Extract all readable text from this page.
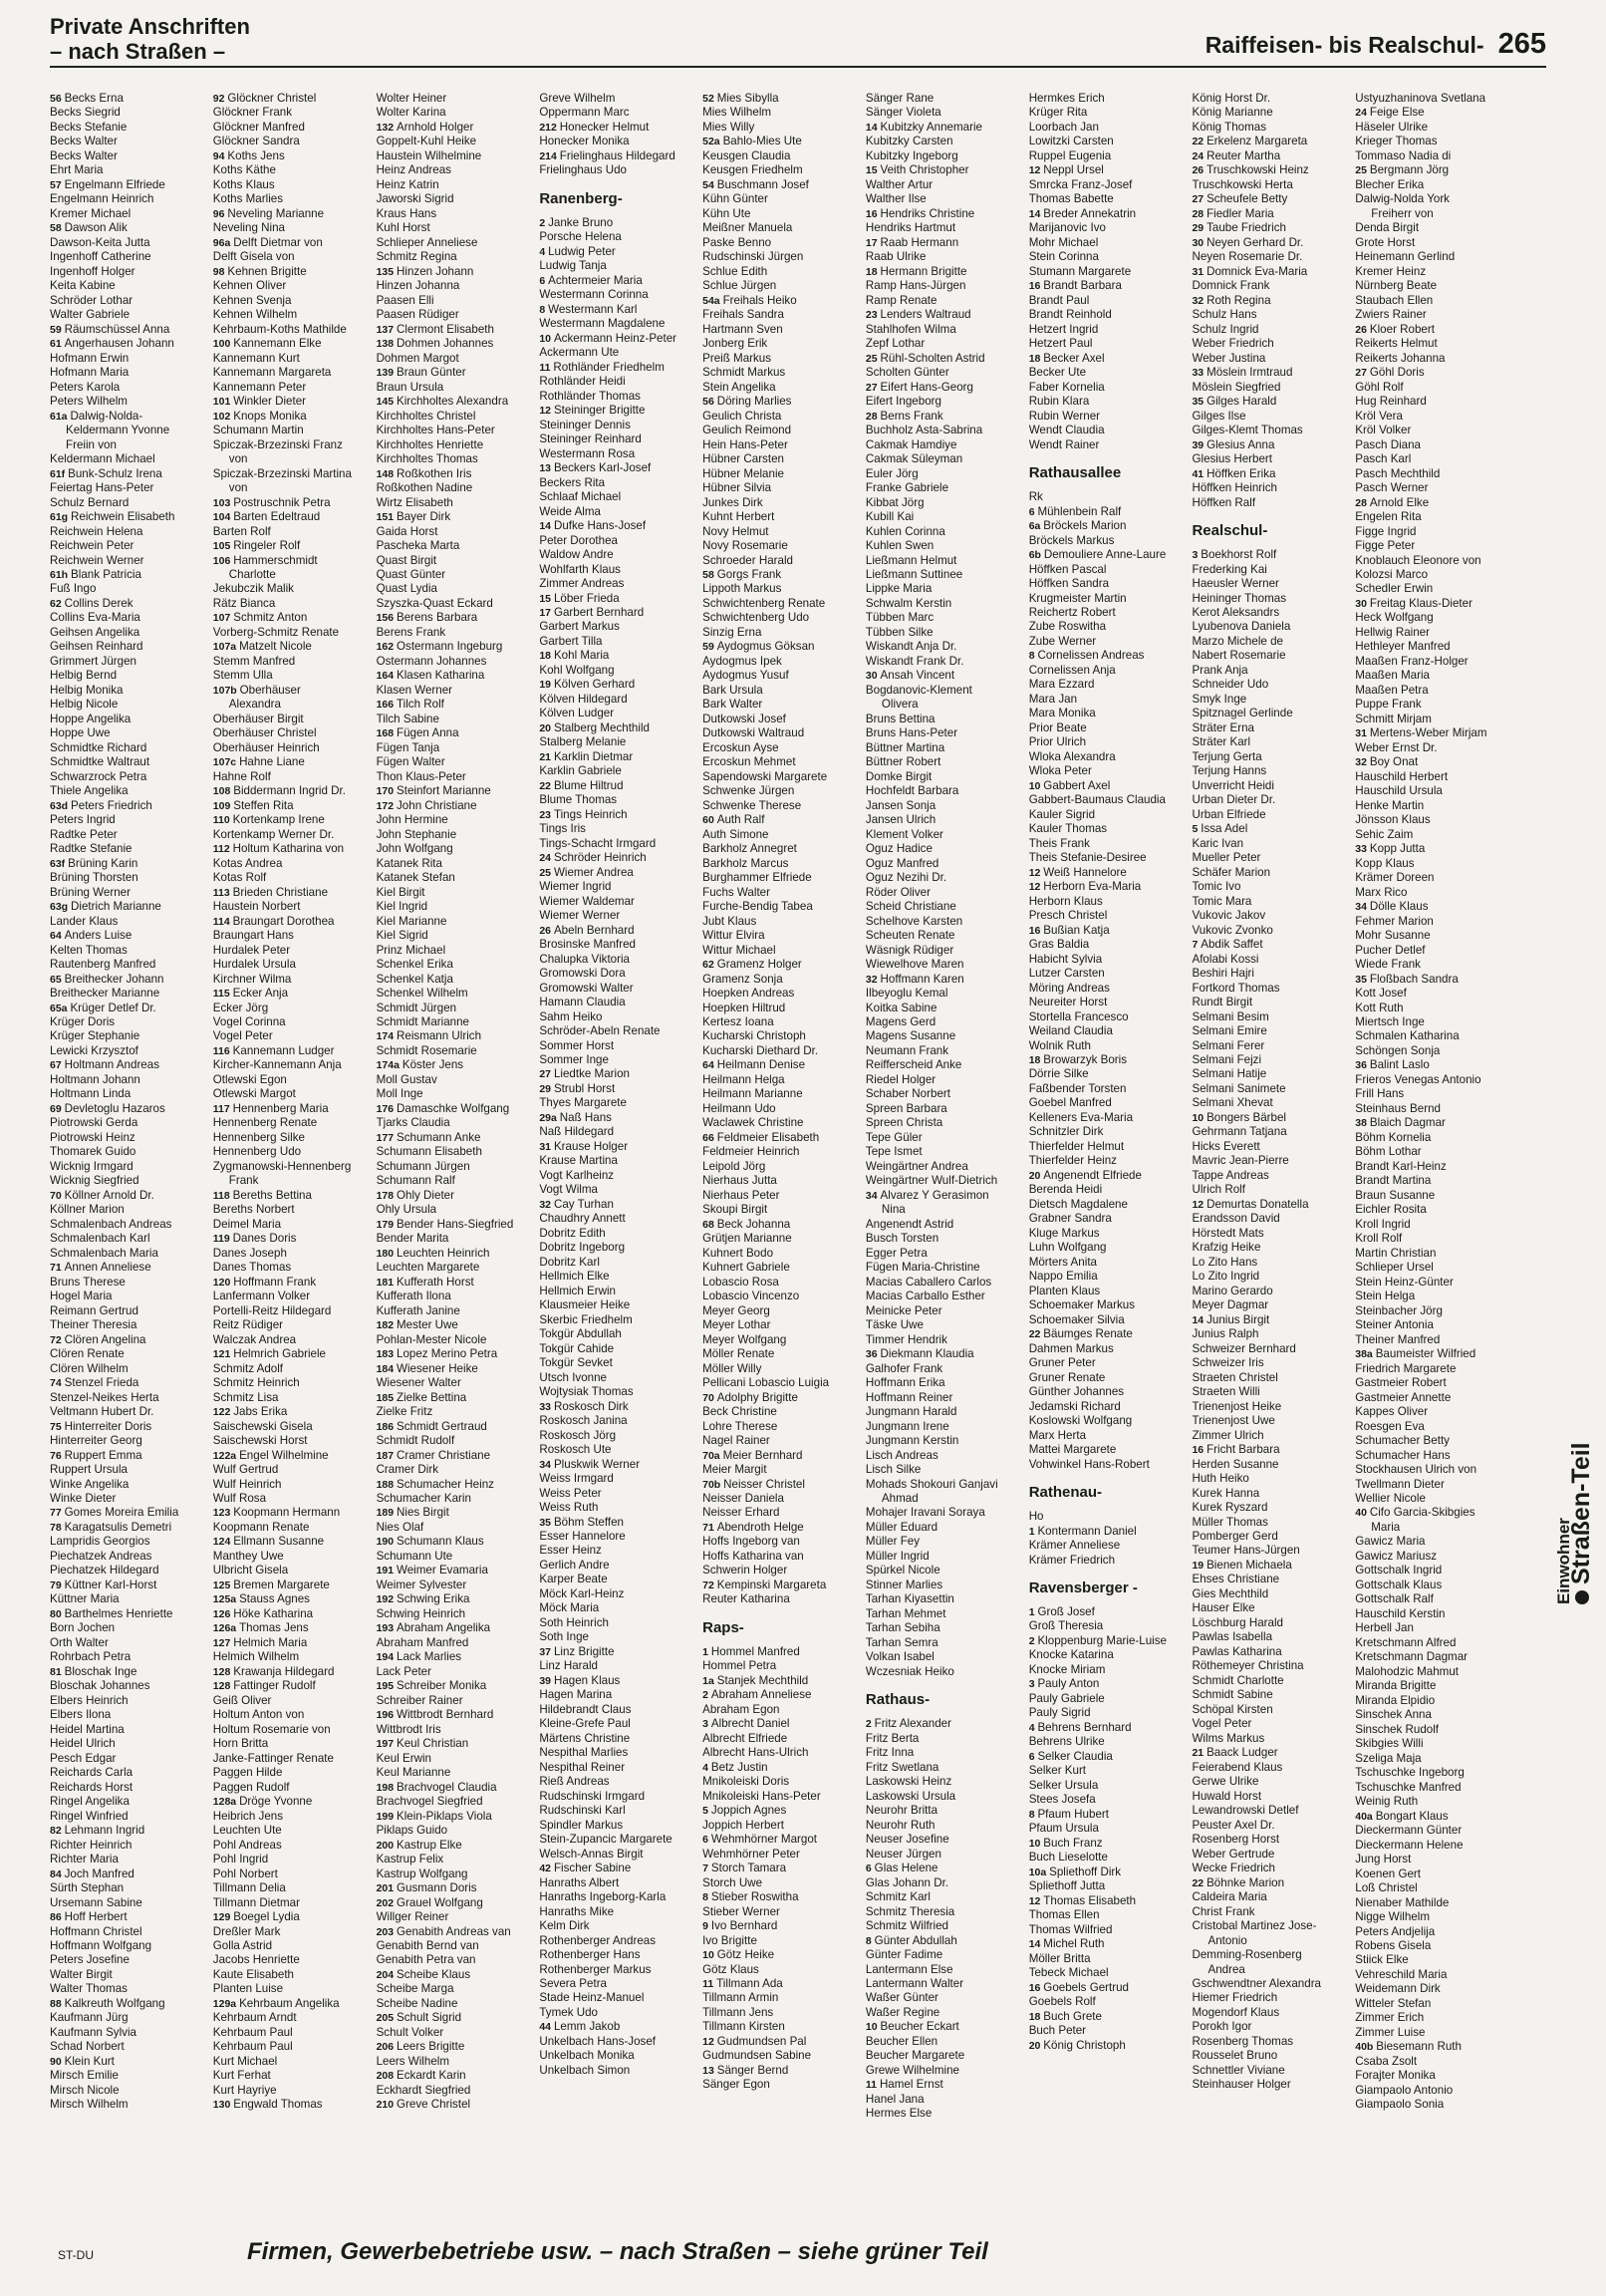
Private Anschriften
– nach Straßen –	Raiffeisen- bis Realschul- 265
56 Becks Erna
Becks Siegrid
Becks Stefanie
Becks Walter
Becks Walter
Ehrt Maria
57 Engelmann Elfriede
Engelmann Heinrich
Kremer Michael
58 Dawson Alik
Dawson-Keita Jutta
Ingenhoff Catherine
Ingenhoff Holger
Keita Kabine
Schröder Lothar
Walter Gabriele
59 Räumschüssel Anna
61 Angerhausen Johann
Hofmann Erwin
Hofmann Maria
Peters Karola
Peters Wilhelm
61a Dalwig-Nolda-
Keldermann Yvonne
Freiin von
Keldermann Michael
61f Bunk-Schulz Irena
Feiertag Hans-Peter
Schulz Bernard
61g Reichwein Elisabeth
Reichwein Helena
Reichwein Peter
Reichwein Werner
61h Blank Patricia
Fuß Ingo
62 Collins Derek
Collins Eva-Maria
Geihsen Angelika
Geihsen Reinhard
Grimmert Jürgen
Helbig Bernd
Helbig Monika
Helbig Nicole
Hoppe Angelika
Hoppe Uwe
Schmidtke Richard
Schmidtke Waltraut
Schwarzrock Petra
Thiele Angelika
63d Peters Friedrich
Peters Ingrid
Radtke Peter
Radtke Stefanie
63f Brüning Karin
Brüning Thorsten
Brüning Werner
63g Dietrich Marianne
Lander Klaus
64 Anders Luise
Kelten Thomas
Rautenberg Manfred
65 Breithecker Johann
Breithecker Marianne
65a Krüger Detlef Dr.
Krüger Doris
Krüger Stephanie
Lewicki Krzysztof
67 Holtmann Andreas
Holtmann Johann
Holtmann Linda
69 Devletoglu Hazaros
Piotrowski Gerda
Piotrowski Heinz
Thomarek Guido
Wicknig Irmgard
Wicknig Siegfried
70 Köllner Arnold Dr.
Köllner Marion
Schmalenbach Andreas
Schmalenbach Karl
Schmalenbach Maria
71 Annen Anneliese
Bruns Therese
Hogel Maria
Reimann Gertrud
Theiner Theresia
72 Clören Angelina
Clören Renate
Clören Wilhelm
74 Stenzel Frieda
Stenzel-Neikes Herta
Veltmann Hubert Dr.
75 Hinterreiter Doris
Hinterreiter Georg
76 Ruppert Emma
Ruppert Ursula
Winke Angelika
Winke Dieter
77 Gomes Moreira Emilia
78 Karagatsulis Demetri
Lampridis Georgios
Piechatzek Andreas
Piechatzek Hildegard
79 Küttner Karl-Horst
Küttner Maria
80 Barthelmes Henriette
Born Jochen
Orth Walter
Rohrbach Petra
81 Bloschak Inge
Bloschak Johannes
Elbers Heinrich
Elbers Ilona
Heidel Martina
Heidel Ulrich
Pesch Edgar
Reichards Carla
Reichards Horst
Ringel Angelika
Ringel Winfried
82 Lehmann Ingrid
Richter Heinrich
Richter Maria
84 Joch Manfred
Sürth Stephan
Ursemann Sabine
86 Hoff Herbert
Hoffmann Christel
Hoffmann Wolfgang
Peters Josefine
Walter Birgit
Walter Thomas
88 Kalkreuth Wolfgang
Kaufmann Jürg
Kaufmann Sylvia
Schad Norbert
90 Klein Kurt
Mirsch Emilie
Mirsch Nicole
Mirsch Wilhelm
92 Glöckner Christel
Glöckner Frank
Glöckner Manfred
Glöckner Sandra
94 Koths Jens
Koths Käthe
Koths Klaus
Koths Marlies
96 Neveling Marianne
Neveling Nina
96a Delft Dietmar von
Delft Gisela von
98 Kehnen Brigitte
Kehnen Oliver
Kehnen Svenja
Kehnen Wilhelm
Kehrbaum-Koths Mathilde
100 Kannemann Elke
Kannemann Kurt
Kannemann Margareta
Kannemann Peter
101 Winkler Dieter
102 Knops Monika
Schumann Martin
Spiczak-Brzezinski Franz
von
Spiczak-Brzezinski Martina
von
103 Postruschnik Petra
104 Barten Edeltraud
Barten Rolf
105 Ringeler Rolf
106 Hammerschmidt
Charlotte
Jekubczik Malik
Rätz Bianca
107 Schmitz Anton
Vorberg-Schmitz Renate
107a Matzelt Nicole
Stemm Manfred
Stemm Ulla
107b Oberhäuser
Alexandra
Oberhäuser Birgit
Oberhäuser Christel
Oberhäuser Heinrich
107c Hahne Liane
Hahne Rolf
108 Biddermann Ingrid Dr.
109 Steffen Rita
110 Kortenkamp Irene
Kortenkamp Werner Dr.
112 Holtum Katharina von
Kotas Andrea
Kotas Rolf
113 Brieden Christiane
Haustein Norbert
114 Braungart Dorothea
Braungart Hans
Hurdalek Peter
Hurdalek Ursula
Kirchner Wilma
115 Ecker Anja
Ecker Jörg
Vogel Corinna
Vogel Peter
116 Kannemann Ludger
Kircher-Kannemann Anja
Otlewski Egon
Otlewski Margot
117 Hennenberg Maria
Hennenberg Renate
Hennenberg Silke
Hennenberg Udo
Zygmanowski-Hennenberg
Frank
118 Bereths Bettina
Bereths Norbert
Deimel Maria
119 Danes Doris
Danes Joseph
Danes Thomas
120 Hoffmann Frank
Lanfermann Volker
Portelli-Reitz Hildegard
Reitz Rüdiger
Walczak Andrea
121 Helmrich Gabriele
Schmitz Adolf
Schmitz Heinrich
Schmitz Lisa
122 Jabs Erika
Saischewski Gisela
Saischewski Horst
122a Engel Wilhelmine
Wulf Gertrud
Wulf Heinrich
Wulf Rosa
123 Koopmann Hermann
Koopmann Renate
124 Ellmann Susanne
Manthey Uwe
Ulbricht Gisela
125 Bremen Margarete
125a Stauss Agnes
126 Höke Katharina
126a Thomas Jens
127 Helmich Maria
Helmich Wilhelm
128 Krawanja Hildegard
128 Fattinger Rudolf
Geiß Oliver
Holtum Anton von
Holtum Rosemarie von
Horn Britta
Janke-Fattinger Renate
Paggen Hilde
Paggen Rudolf
128a Dröge Yvonne
Heibrich Jens
Leuchten Ute
Pohl Andreas
Pohl Ingrid
Pohl Norbert
Tillmann Delia
Tillmann Dietmar
129 Boegel Lydia
Dreßler Mark
Golla Astrid
Jacobs Henriette
Kaute Elisabeth
Planten Luise
129a Kehrbaum Angelika
Kehrbaum Arndt
Kehrbaum Paul
Kehrbaum Paul
Kurt Michael
Kurt Ferhat
Kurt Hayriye
130 Engwald Thomas
Wolter Heiner
Wolter Karina
132 Arnhold Holger
Goppelt-Kuhl Heike
Haustein Wilhelmine
Heinz Andreas
Heinz Katrin
Jaworski Sigrid
Kraus Hans
Kuhl Horst
Schlieper Anneliese
Schmitz Regina
135 Hinzen Johann
Hinzen Johanna
Paasen Elli
Paasen Rüdiger
137 Clermont Elisabeth
138 Dohmen Johannes
Dohmen Margot
139 Braun Günter
Braun Ursula
145 Kirchholtes Alexandra
Kirchholtes Christel
Kirchholtes Hans-Peter
Kirchholtes Henriette
Kirchholtes Thomas
148 Roßkothen Iris
Roßkothen Nadine
Wirtz Elisabeth
151 Bayer Dirk
Gaida Horst
Pascheka Marta
Quast Birgit
Quast Günter
Quast Lydia
Szyszka-Quast Eckard
156 Berens Barbara
Berens Frank
162 Ostermann Ingeburg
Ostermann Johannes
164 Klasen Katharina
Klasen Werner
166 Tilch Rolf
Tilch Sabine
168 Fügen Anna
Fügen Tanja
Fügen Walter
Thon Klaus-Peter
170 Steinfort Marianne
172 John Christiane
John Hermine
John Stephanie
John Wolfgang
Katanek Rita
Katanek Stefan
Kiel Birgit
Kiel Ingrid
Kiel Marianne
Kiel Sigrid
Prinz Michael
Schenkel Erika
Schenkel Katja
Schenkel Wilhelm
Schmidt Jürgen
Schmidt Marianne
174 Reismann Ulrich
Schmidt Rosemarie
174a Köster Jens
Moll Gustav
Moll Inge
176 Damaschke Wolfgang
Tjarks Claudia
177 Schumann Anke
Schumann Elisabeth
Schumann Jürgen
Schumann Ralf
178 Ohly Dieter
Ohly Ursula
179 Bender Hans-Siegfried
Bender Marita
180 Leuchten Heinrich
Leuchten Margarete
181 Kufferath Horst
Kufferath Ilona
Kufferath Janine
182 Mester Uwe
Pohlan-Mester Nicole
183 Lopez Merino Petra
184 Wiesener Heike
Wiesener Walter
185 Zielke Bettina
Zielke Fritz
186 Schmidt Gertraud
Schmidt Rudolf
187 Cramer Christiane
Cramer Dirk
188 Schumacher Heinz
Schumacher Karin
189 Nies Birgit
Nies Olaf
190 Schumann Klaus
Schumann Ute
191 Weimer Evamaria
Weimer Sylvester
192 Schwing Erika
Schwing Heinrich
193 Abraham Angelika
Abraham Manfred
194 Lack Marlies
Lack Peter
195 Schreiber Monika
Schreiber Rainer
196 Wittbrodt Bernhard
Wittbrodt Iris
197 Keul Christian
Keul Erwin
Keul Marianne
198 Brachvogel Claudia
Brachvogel Siegfried
199 Klein-Piklaps Viola
Piklaps Guido
200 Kastrup Elke
Kastrup Felix
Kastrup Wolfgang
201 Gusmann Doris
202 Grauel Wolfgang
Willger Reiner
203 Genabith Andreas van
Genabith Bernd van
Genabith Petra van
204 Scheibe Klaus
Scheibe Marga
Scheibe Nadine
205 Schult Sigrid
Schult Volker
206 Leers Brigitte
Leers Wilhelm
208 Eckardt Karin
Eckhardt Siegfried
210 Greve Christel
Greve Wilhelm
Oppermann Marc
212 Honecker Helmut
Honecker Monika
214 Frielinghaus Hildegard
Frielinghaus Udo
Ranenberg-
2 Janke Bruno
Porsche Helena
4 Ludwig Peter
Ludwig Tanja
6 Achtermeier Maria
Westermann Corinna
8 Westermann Karl
Westermann Magdalene
10 Ackermann Heinz-Peter
Ackermann Ute
11 Rothländer Friedhelm
Rothländer Heidi
Rothländer Thomas
12 Steininger Brigitte
Steininger Dennis
Steininger Reinhard
Westermann Rosa
13 Beckers Karl-Josef
Beckers Rita
Schlaaf Michael
Weide Alma
14 Dufke Hans-Josef
Peter Dorothea
Waldow Andre
Wohlfarth Klaus
Zimmer Andreas
15 Löber Frieda
17 Garbert Bernhard
Garbert Markus
Garbert Tilla
18 Kohl Maria
Kohl Wolfgang
19 Kölven Gerhard
Kölven Hildegard
Kölven Ludger
20 Stalberg Mechthild
Stalberg Melanie
21 Karklin Dietmar
Karklin Gabriele
22 Blume Hiltrud
Blume Thomas
23 Tings Heinrich
Tings Iris
Tings-Schacht Irmgard
24 Schröder Heinrich
25 Wiemer Andrea
Wiemer Ingrid
Wiemer Waldemar
Wiemer Werner
26 Abeln Bernhard
Brosinske Manfred
Chalupka Viktoria
Gromowski Dora
Gromowski Walter
Hamann Claudia
Sahm Heiko
Schröder-Abeln Renate
Sommer Horst
Sommer Inge
27 Liedtke Marion
29 Strubl Horst
Thyes Margarete
29a Naß Hans
Naß Hildegard
31 Krause Holger
Krause Martina
Vogt Karlheinz
Vogt Wilma
32 Cay Turhan
Chaudhry Annett
Dobritz Edith
Dobritz Ingeborg
Dobritz Karl
Hellmich Elke
Hellmich Erwin
Klausmeier Heike
Skerbic Friedhelm
Tokgür Abdullah
Tokgür Cahide
Tokgür Sevket
Utsch Ivonne
Wojtysiak Thomas
33 Roskosch Dirk
Roskosch Janina
Roskosch Jörg
Roskosch Ute
34 Pluskwik Werner
Weiss Irmgard
Weiss Peter
Weiss Ruth
35 Böhm Steffen
Esser Hannelore
Esser Heinz
Gerlich Andre
Karper Beate
Möck Karl-Heinz
Möck Maria
Soth Heinrich
Soth Inge
37 Linz Brigitte
Linz Harald
39 Hagen Klaus
Hagen Marina
Hildebrandt Claus
Kleine-Grefe Paul
Märtens Christine
Nespithal Marlies
Nespithal Reiner
Rieß Andreas
Rudschinski Irmgard
Rudschinski Karl
Spindler Markus
Stein-Zupancic Margarete
Welsch-Annas Birgit
42 Fischer Sabine
Hanraths Albert
Hanraths Ingeborg-Karla
Hanraths Mike
Kelm Dirk
Rothenberger Andreas
Rothenberger Hans
Rothenberger Markus
Severa Petra
Stade Heinz-Manuel
Tymek Udo
44 Lemm Jakob
Unkelbach Hans-Josef
Unkelbach Monika
Unkelbach Simon
52 Mies Sibylla
Mies Wilhelm
Mies Willy
52a Bahlo-Mies Ute
Keusgen Claudia
Keusgen Friedhelm
54 Buschmann Josef
Kühn Günter
Kühn Ute
Meißner Manuela
Paske Benno
Rudschinski Jürgen
Schlue Edith
Schlue Jürgen
54a Freihals Heiko
Freihals Sandra
Hartmann Sven
Jonberg Erik
Preiß Markus
Schmidt Markus
Stein Angelika
56 Döring Marlies
Geulich Christa
Geulich Reimond
Hein Hans-Peter
Hübner Carsten
Hübner Melanie
Hübner Silvia
Junkes Dirk
Kuhnt Herbert
Novy Helmut
Novy Rosemarie
Schroeder Harald
58 Gorgs Frank
Lippoth Markus
Schwichtenberg Renate
Schwichtenberg Udo
Sinzig Erna
59 Aydogmus Göksan
Aydogmus Ipek
Aydogmus Yusuf
Bark Ursula
Bark Walter
Dutkowski Josef
Dutkowski Waltraud
Ercoskun Ayse
Ercoskun Mehmet
Sapendowski Margarete
Schwenke Jürgen
Schwenke Therese
60 Auth Ralf
Auth Simone
Barkholz Annegret
Barkholz Marcus
Burghammer Elfriede
Fuchs Walter
Furche-Bendig Tabea
Jubt Klaus
Wittur Elvira
Wittur Michael
62 Gramenz Holger
Gramenz Sonja
Hoepken Andreas
Hoepken Hiltrud
Kertesz Ioana
Kucharski Christoph
Kucharski Diethard Dr.
64 Heilmann Denise
Heilmann Helga
Heilmann Marianne
Heilmann Udo
Waclawek Christine
66 Feldmeier Elisabeth
Feldmeier Heinrich
Leipold Jörg
Nierhaus Jutta
Nierhaus Peter
Skoupi Birgit
68 Beck Johanna
Grütjen Marianne
Kuhnert Bodo
Kuhnert Gabriele
Lobascio Rosa
Lobascio Vincenzo
Meyer Georg
Meyer Lothar
Meyer Wolfgang
Möller Renate
Möller Willy
Pellicani Lobascio Luigia
70 Adolphy Brigitte
Beck Christine
Lohre Therese
Nagel Rainer
70a Meier Bernhard
Meier Margit
70b Neisser Christel
Neisser Daniela
Neisser Erhard
71 Abendroth Helge
Hoffs Ingeborg van
Hoffs Katharina van
Schwerin Holger
72 Kempinski Margareta
Reuter Katharina
Raps-
1 Hommel Manfred
Hommel Petra
1a Stanjek Mechthild
2 Abraham Anneliese
Abraham Egon
3 Albrecht Daniel
Albrecht Elfriede
Albrecht Hans-Ulrich
4 Betz Justin
Mnikoleiski Doris
Mnikoleiski Hans-Peter
5 Joppich Agnes
Joppich Herbert
6 Wehmhörner Margot
Wehmhörner Peter
7 Storch Tamara
Storch Uwe
8 Stieber Roswitha
Stieber Werner
9 Ivo Bernhard
Ivo Brigitte
10 Götz Heike
Götz Klaus
11 Tillmann Ada
Tillmann Armin
Tillmann Jens
Tillmann Kirsten
12 Gudmundsen Pal
Gudmundsen Sabine
13 Sänger Bernd
Sänger Egon
Sänger Rane
Sänger Violeta
14 Kubitzky Annemarie
Kubitzky Carsten
Kubitzky Ingeborg
15 Veith Christopher
Walther Artur
Walther Ilse
16 Hendriks Christine
Hendriks Hartmut
17 Raab Hermann
Raab Ulrike
18 Hermann Brigitte
Ramp Hans-Jürgen
Ramp Renate
23 Lenders Waltraud
Stahlhofen Wilma
Zepf Lothar
25 Rühl-Scholten Astrid
Scholten Günter
27 Eifert Hans-Georg
Eifert Ingeborg
28 Berns Frank
Buchholz Asta-Sabrina
Cakmak Hamdiye
Cakmak Süleyman
Euler Jörg
Franke Gabriele
Kibbat Jörg
Kubill Kai
Kuhlen Corinna
Kuhlen Swen
Ließmann Helmut
Ließmann Suttinee
Lippke Maria
Schwalm Kerstin
Tübben Marc
Tübben Silke
Wiskandt Anja Dr.
Wiskandt Frank Dr.
30 Ansah Vincent
Bogdanovic-Klement
Olivera
Bruns Bettina
Bruns Hans-Peter
Büttner Martina
Büttner Robert
Domke Birgit
Hochfeldt Barbara
Jansen Sonja
Jansen Ulrich
Klement Volker
Oguz Hadice
Oguz Manfred
Oguz Nezihi Dr.
Röder Oliver
Scheid Christiane
Schelhove Karsten
Scheuten Renate
Wäsnigk Rüdiger
Wiewelhove Maren
32 Hoffmann Karen
Ilbeyoglu Kemal
Koitka Sabine
Magens Gerd
Magens Susanne
Neumann Frank
Reifferscheid Anke
Riedel Holger
Schaber Norbert
Spreen Barbara
Spreen Christa
Tepe Güler
Tepe Ismet
Weingärtner Andrea
Weingärtner Wulf-Dietrich
34 Alvarez Y Gerasimon
Nina
Angenendt Astrid
Busch Torsten
Egger Petra
Fügen Maria-Christine
Macias Caballero Carlos
Macias Carballo Esther
Meinicke Peter
Täske Uwe
Timmer Hendrik
36 Diekmann Klaudia
Galhofer Frank
Hoffmann Erika
Hoffmann Reiner
Jungmann Harald
Jungmann Irene
Jungmann Kerstin
Lisch Andreas
Lisch Silke
Mohads Shokouri Ganjavi
Ahmad
Mohajer Iravani Soraya
Müller Eduard
Müller Fey
Müller Ingrid
Spürkel Nicole
Stinner Marlies
Tarhan Kiyasettin
Tarhan Mehmet
Tarhan Sebiha
Tarhan Semra
Volkan Isabel
Wczesniak Heiko
Rathaus-
2 Fritz Alexander
Fritz Berta
Fritz Inna
Fritz Swetlana
Laskowski Heinz
Laskowski Ursula
Neurohr Britta
Neurohr Ruth
Neuser Josefine
Neuser Jürgen
6 Glas Helene
Glas Johann Dr.
Schmitz Karl
Schmitz Theresia
Schmitz Wilfried
8 Günter Abdullah
Günter Fadime
Lantermann Else
Lantermann Walter
Waßer Günter
Waßer Regine
10 Beucher Eckart
Beucher Ellen
Beucher Margarete
Grewe Wilhelmine
11 Hamel Ernst
Hanel Jana
Hermes Else
Hermkes Erich
Krüger Rita
Loorbach Jan
Lowitzki Carsten
Ruppel Eugenia
12 Neppl Ursel
Smrcka Franz-Josef
Thomas Babette
14 Breder Annekatrin
Marijanovic Ivo
Mohr Michael
Stein Corinna
Stumann Margarete
16 Brandt Barbara
Brandt Paul
Brandt Reinhold
Hetzert Ingrid
Hetzert Paul
18 Becker Axel
Becker Ute
Faber Kornelia
Rubin Klara
Rubin Werner
Wendt Claudia
Wendt Rainer
Rathausallee
Rk
6 Mühlenbein Ralf
6a Bröckels Marion
Bröckels Markus
6b Demouliere Anne-Laure
Höffken Pascal
Höffken Sandra
Krugmeister Martin
Reichertz Robert
Zube Roswitha
Zube Werner
8 Cornelissen Andreas
Cornelissen Anja
Mara Ezzard
Mara Jan
Mara Monika
Prior Beate
Prior Ulrich
Wloka Alexandra
Wloka Peter
10 Gabbert Axel
Gabbert-Baumaus Claudia
Kauler Sigrid
Kauler Thomas
Theis Frank
Theis Stefanie-Desiree
12 Weiß Hannelore
12 Herborn Eva-Maria
Herborn Klaus
Presch Christel
16 Bußian Katja
Gras Baldia
Habicht Sylvia
Lutzer Carsten
Möring Andreas
Neureiter Horst
Stortella Francesco
Weiland Claudia
Wolnik Ruth
18 Browarzyk Boris
Dörrie Silke
Faßbender Torsten
Goebel Manfred
Kelleners Eva-Maria
Schnitzler Dirk
Thierfelder Helmut
Thierfelder Heinz
20 Angenendt Elfriede
Berenda Heidi
Dietsch Magdalene
Grabner Sandra
Kluge Markus
Luhn Wolfgang
Mörters Anita
Nappo Emilia
Planten Klaus
Schoemaker Markus
Schoemaker Silvia
22 Bäumges Renate
Dahmen Markus
Gruner Peter
Gruner Renate
Günther Johannes
Jedamski Richard
Koslowski Wolfgang
Marx Herta
Mattei Margarete
Vohwinkel Hans-Robert
Rathenau-
Ho
1 Kontermann Daniel
Krämer Anneliese
Krämer Friedrich
Ravensberger -
1 Groß Josef
Groß Theresia
2 Kloppenburg Marie-Luise
Knocke Katarina
Knocke Miriam
3 Pauly Anton
Pauly Gabriele
Pauly Sigrid
4 Behrens Bernhard
Behrens Ulrike
6 Selker Claudia
Selker Kurt
Selker Ursula
Stees Josefa
8 Pfaum Hubert
Pfaum Ursula
10 Buch Franz
Buch Lieselotte
10a Spliethoff Dirk
Spliethoff Jutta
12 Thomas Elisabeth
Thomas Ellen
Thomas Wilfried
14 Michel Ruth
Möller Britta
Tebeck Michael
16 Goebels Gertrud
Goebels Rolf
18 Buch Grete
Buch Peter
20 König Christoph
König Horst Dr.
König Marianne
König Thomas
22 Erkelenz Margareta
24 Reuter Martha
26 Truschkowski Heinz
Truschkowski Herta
27 Scheufele Betty
28 Fiedler Maria
29 Taube Friedrich
30 Neyen Gerhard Dr.
Neyen Rosemarie Dr.
31 Domnick Eva-Maria
Domnick Frank
32 Roth Regina
Schulz Hans
Schulz Ingrid
Weber Friedrich
Weber Justina
33 Möslein Irmtraud
Möslein Siegfried
35 Gilges Harald
Gilges Ilse
Gilges-Klemt Thomas
39 Glesius Anna
Glesius Herbert
41 Höffken Erika
Höffken Heinrich
Höffken Ralf
Realschul-
3 Boekhorst Rolf
Frederking Kai
Haeusler Werner
Heininger Thomas
Kerot Aleksandrs
Lyubenova Daniela
Marzo Michele de
Nabert Rosemarie
Prank Anja
Schneider Udo
Smyk Inge
Spitznagel Gerlinde
Sträter Erna
Sträter Karl
Terjung Gerta
Terjung Hanns
Unverricht Heidi
Urban Dieter Dr.
Urban Elfriede
5 Issa Adel
Karic Ivan
Mueller Peter
Schäfer Marion
Tomic Ivo
Tomic Mara
Vukovic Jakov
Vukovic Zvonko
7 Abdik Saffet
Afolabi Kossi
Beshiri Hajri
Fortkord Thomas
Rundt Birgit
Selmani Besim
Selmani Emire
Selmani Ferer
Selmani Fejzi
Selmani Hatije
Selmani Sanimete
Selmani Xhevat
10 Bongers Bärbel
Gehrmann Tatjana
Hicks Everett
Mavric Jean-Pierre
Tappe Andreas
Ulrich Rolf
12 Demurtas Donatella
Erandsson David
Hörstedt Mats
Krafzig Heike
Lo Zito Hans
Lo Zito Ingrid
Marino Gerardo
Meyer Dagmar
14 Junius Birgit
Junius Ralph
Schweizer Bernhard
Schweizer Iris
Straeten Christel
Straeten Willi
Trienenjost Heike
Trienenjost Uwe
Zimmer Ulrich
16 Fricht Barbara
Herden Susanne
Huth Heiko
Kurek Hanna
Kurek Ryszard
Müller Thomas
Pomberger Gerd
Teumer Hans-Jürgen
19 Bienen Michaela
Ehses Christiane
Gies Mechthild
Hauser Elke
Löschburg Harald
Pawlas Isabella
Pawlas Katharina
Röthemeyer Christina
Schmidt Charlotte
Schmidt Sabine
Schöpal Kirsten
Vogel Peter
Wilms Markus
21 Baack Ludger
Feierabend Klaus
Gerwe Ulrike
Huwald Horst
Lewandrowski Detlef
Peuster Axel Dr.
Rosenberg Horst
Weber Gertrude
Wecke Friedrich
22 Böhnke Marion
Caldeira Maria
Christ Frank
Cristobal Martinez Jose-
Antonio
Demming-Rosenberg
Andrea
Gschwendtner Alexandra
Hiemer Friedrich
Mogendorf Klaus
Porokh Igor
Rosenberg Thomas
Rousselet Bruno
Schnettler Viviane
Steinhauser Holger
Ustyuzhaninova Svetlana
24 Feige Else
Häseler Ulrike
Krieger Thomas
Tommaso Nadia di
25 Bergmann Jörg
Blecher Erika
Dalwig-Nolda York
Freiherr von
Denda Birgit
Grote Horst
Heinemann Gerlind
Kremer Heinz
Nürnberg Beate
Staubach Ellen
Zwiers Rainer
26 Kloer Robert
Reikerts Helmut
Reikerts Johanna
27 Göhl Doris
Göhl Rolf
Hug Reinhard
Kröl Vera
Kröl Volker
Pasch Diana
Pasch Karl
Pasch Mechthild
Pasch Werner
28 Arnold Elke
Engelen Rita
Figge Ingrid
Figge Peter
Knoblauch Eleonore von
Kolozsi Marco
Schedler Erwin
30 Freitag Klaus-Dieter
Heck Wolfgang
Hellwig Rainer
Hethleyer Manfred
Maaßen Franz-Holger
Maaßen Maria
Maaßen Petra
Puppe Frank
Schmitt Mirjam
31 Mertens-Weber Mirjam
Weber Ernst Dr.
32 Boy Onat
Hauschild Herbert
Hauschild Ursula
Henke Martin
Jönsson Klaus
Sehic Zaim
33 Kopp Jutta
Kopp Klaus
Krämer Doreen
Marx Rico
34 Dölle Klaus
Fehmer Marion
Mohr Susanne
Pucher Detlef
Wiede Frank
35 Floßbach Sandra
Kott Josef
Kott Ruth
Miertsch Inge
Schmalen Katharina
Schöngen Sonja
36 Balint Laslo
Frieros Venegas Antonio
Frill Hans
Steinhaus Bernd
38 Blaich Dagmar
Böhm Kornelia
Böhm Lothar
Brandt Karl-Heinz
Brandt Martina
Braun Susanne
Eichler Rosita
Kroll Ingrid
Kroll Rolf
Martin Christian
Schlieper Ursel
Stein Heinz-Günter
Stein Helga
Steinbacher Jörg
Steiner Antonia
Theiner Manfred
38a Baumeister Wilfried
Friedrich Margarete
Gastmeier Robert
Gastmeier Annette
Kappes Oliver
Roesgen Eva
Schumacher Betty
Schumacher Hans
Stockhausen Ulrich von
Twellmann Dieter
Wellier Nicole
40 Cifo Garcia-Skibgies
Maria
Gawicz Maria
Gawicz Mariusz
Gottschalk Ingrid
Gottschalk Klaus
Gottschalk Ralf
Hauschild Kerstin
Herbell Jan
Kretschmann Alfred
Kretschmann Dagmar
Malohodzic Mahmut
Miranda Brigitte
Miranda Elpidio
Sinschek Anna
Sinschek Rudolf
Skibgies Willi
Szeliga Maja
Tschuschke Ingeborg
Tschuschke Manfred
Weinig Ruth
40a Bongart Klaus
Dieckermann Günter
Dieckermann Helene
Jung Horst
Koenen Gert
Loß Christel
Nienaber Mathilde
Nigge Wilhelm
Peters Andjelija
Robens Gisela
Stiick Elke
Vehreschild Maria
Weidemann Dirk
Witteler Stefan
Zimmer Erich
Zimmer Luise
40b Biesemann Ruth
Csaba Zsolt
Forajter Monika
Giampaolo Antonio
Giampaolo Sonia
Einwohner
Straßen-Teil
ST-DU	Firmen, Gewerbebetriebe usw. – nach Straßen – siehe grüner Teil
